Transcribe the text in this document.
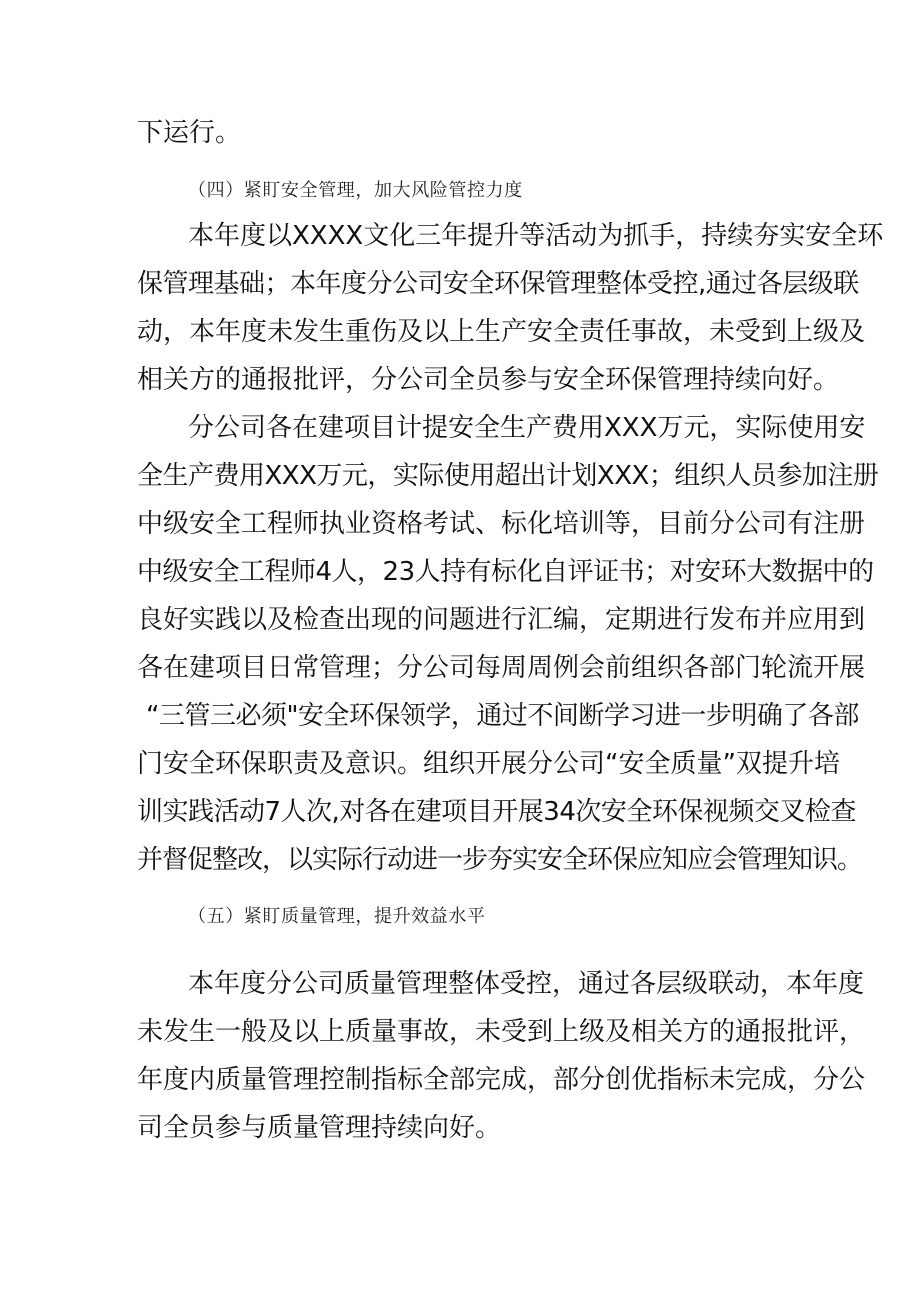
下运行。
（四）紧盯安全管理，加大风险管控力度
本年度以XXXX文化三年提升等活动为抓手，持续夯实安全环
保管理基础；本年度分公司安全环保管理整体受控,通过各层级联
动，本年度未发生重伤及以上生产安全责任事故，未受到上级及
相关方的通报批评，分公司全员参与安全环保管理持续向好。
分公司各在建项目计提安全生产费用XXX万元，实际使用安
全生产费用XXX万元，实际使用超出计划XXX；组织人员参加注册
中级安全工程师执业资格考试、标化培训等，目前分公司有注册
中级安全工程师4人，23人持有标化自评证书；对安环大数据中的
良好实践以及检查出现的问题进行汇编，定期进行发布并应用到
各在建项目日常管理；分公司每周周例会前组织各部门轮流开展
“三管三必须"安全环保领学，通过不间断学习进一步明确了各部
门安全环保职责及意识。组织开展分公司“安全质量”双提升培
训实践活动7人次,对各在建项目开展34次安全环保视频交叉检查
并督促整改，以实际行动进一步夯实安全环保应知应会管理知识。
（五）紧盯质量管理，提升效益水平
本年度分公司质量管理整体受控，通过各层级联动，本年度
未发生一般及以上质量事故，未受到上级及相关方的通报批评，
年度内质量管理控制指标全部完成，部分创优指标未完成，分公
司全员参与质量管理持续向好。
